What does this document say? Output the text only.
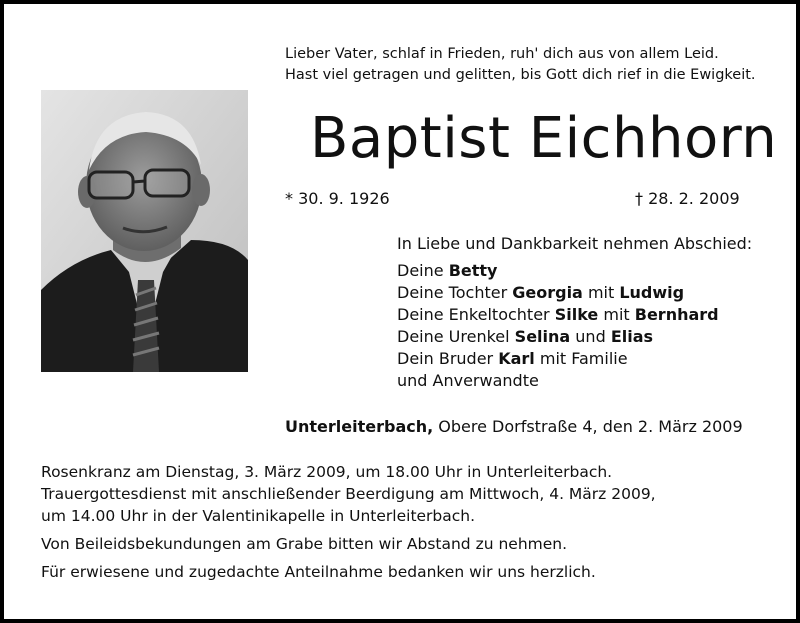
Lieber Vater, schlaf in Frieden, ruh' dich aus von allem Leid.
Hast viel getragen und gelitten, bis Gott dich rief in die Ewigkeit.
Baptist Eichhorn
* 30. 9. 1926	† 28. 2. 2009
In Liebe und Dankbarkeit nehmen Abschied:
Deine Betty
Deine Tochter Georgia mit Ludwig
Deine Enkeltochter Silke mit Bernhard
Deine Urenkel Selina und Elias
Dein Bruder Karl mit Familie
und Anverwandte
Unterleiterbach, Obere Dorfstraße 4, den 2. März 2009
Rosenkranz am Dienstag, 3. März 2009, um 18.00 Uhr in Unterleiterbach.
Trauergottesdienst mit anschließender Beerdigung am Mittwoch, 4. März 2009,
um 14.00 Uhr in der Valentinikapelle in Unterleiterbach.
Von Beileidsbekundungen am Grabe bitten wir Abstand zu nehmen.
Für erwiesene und zugedachte Anteilnahme bedanken wir uns herzlich.
